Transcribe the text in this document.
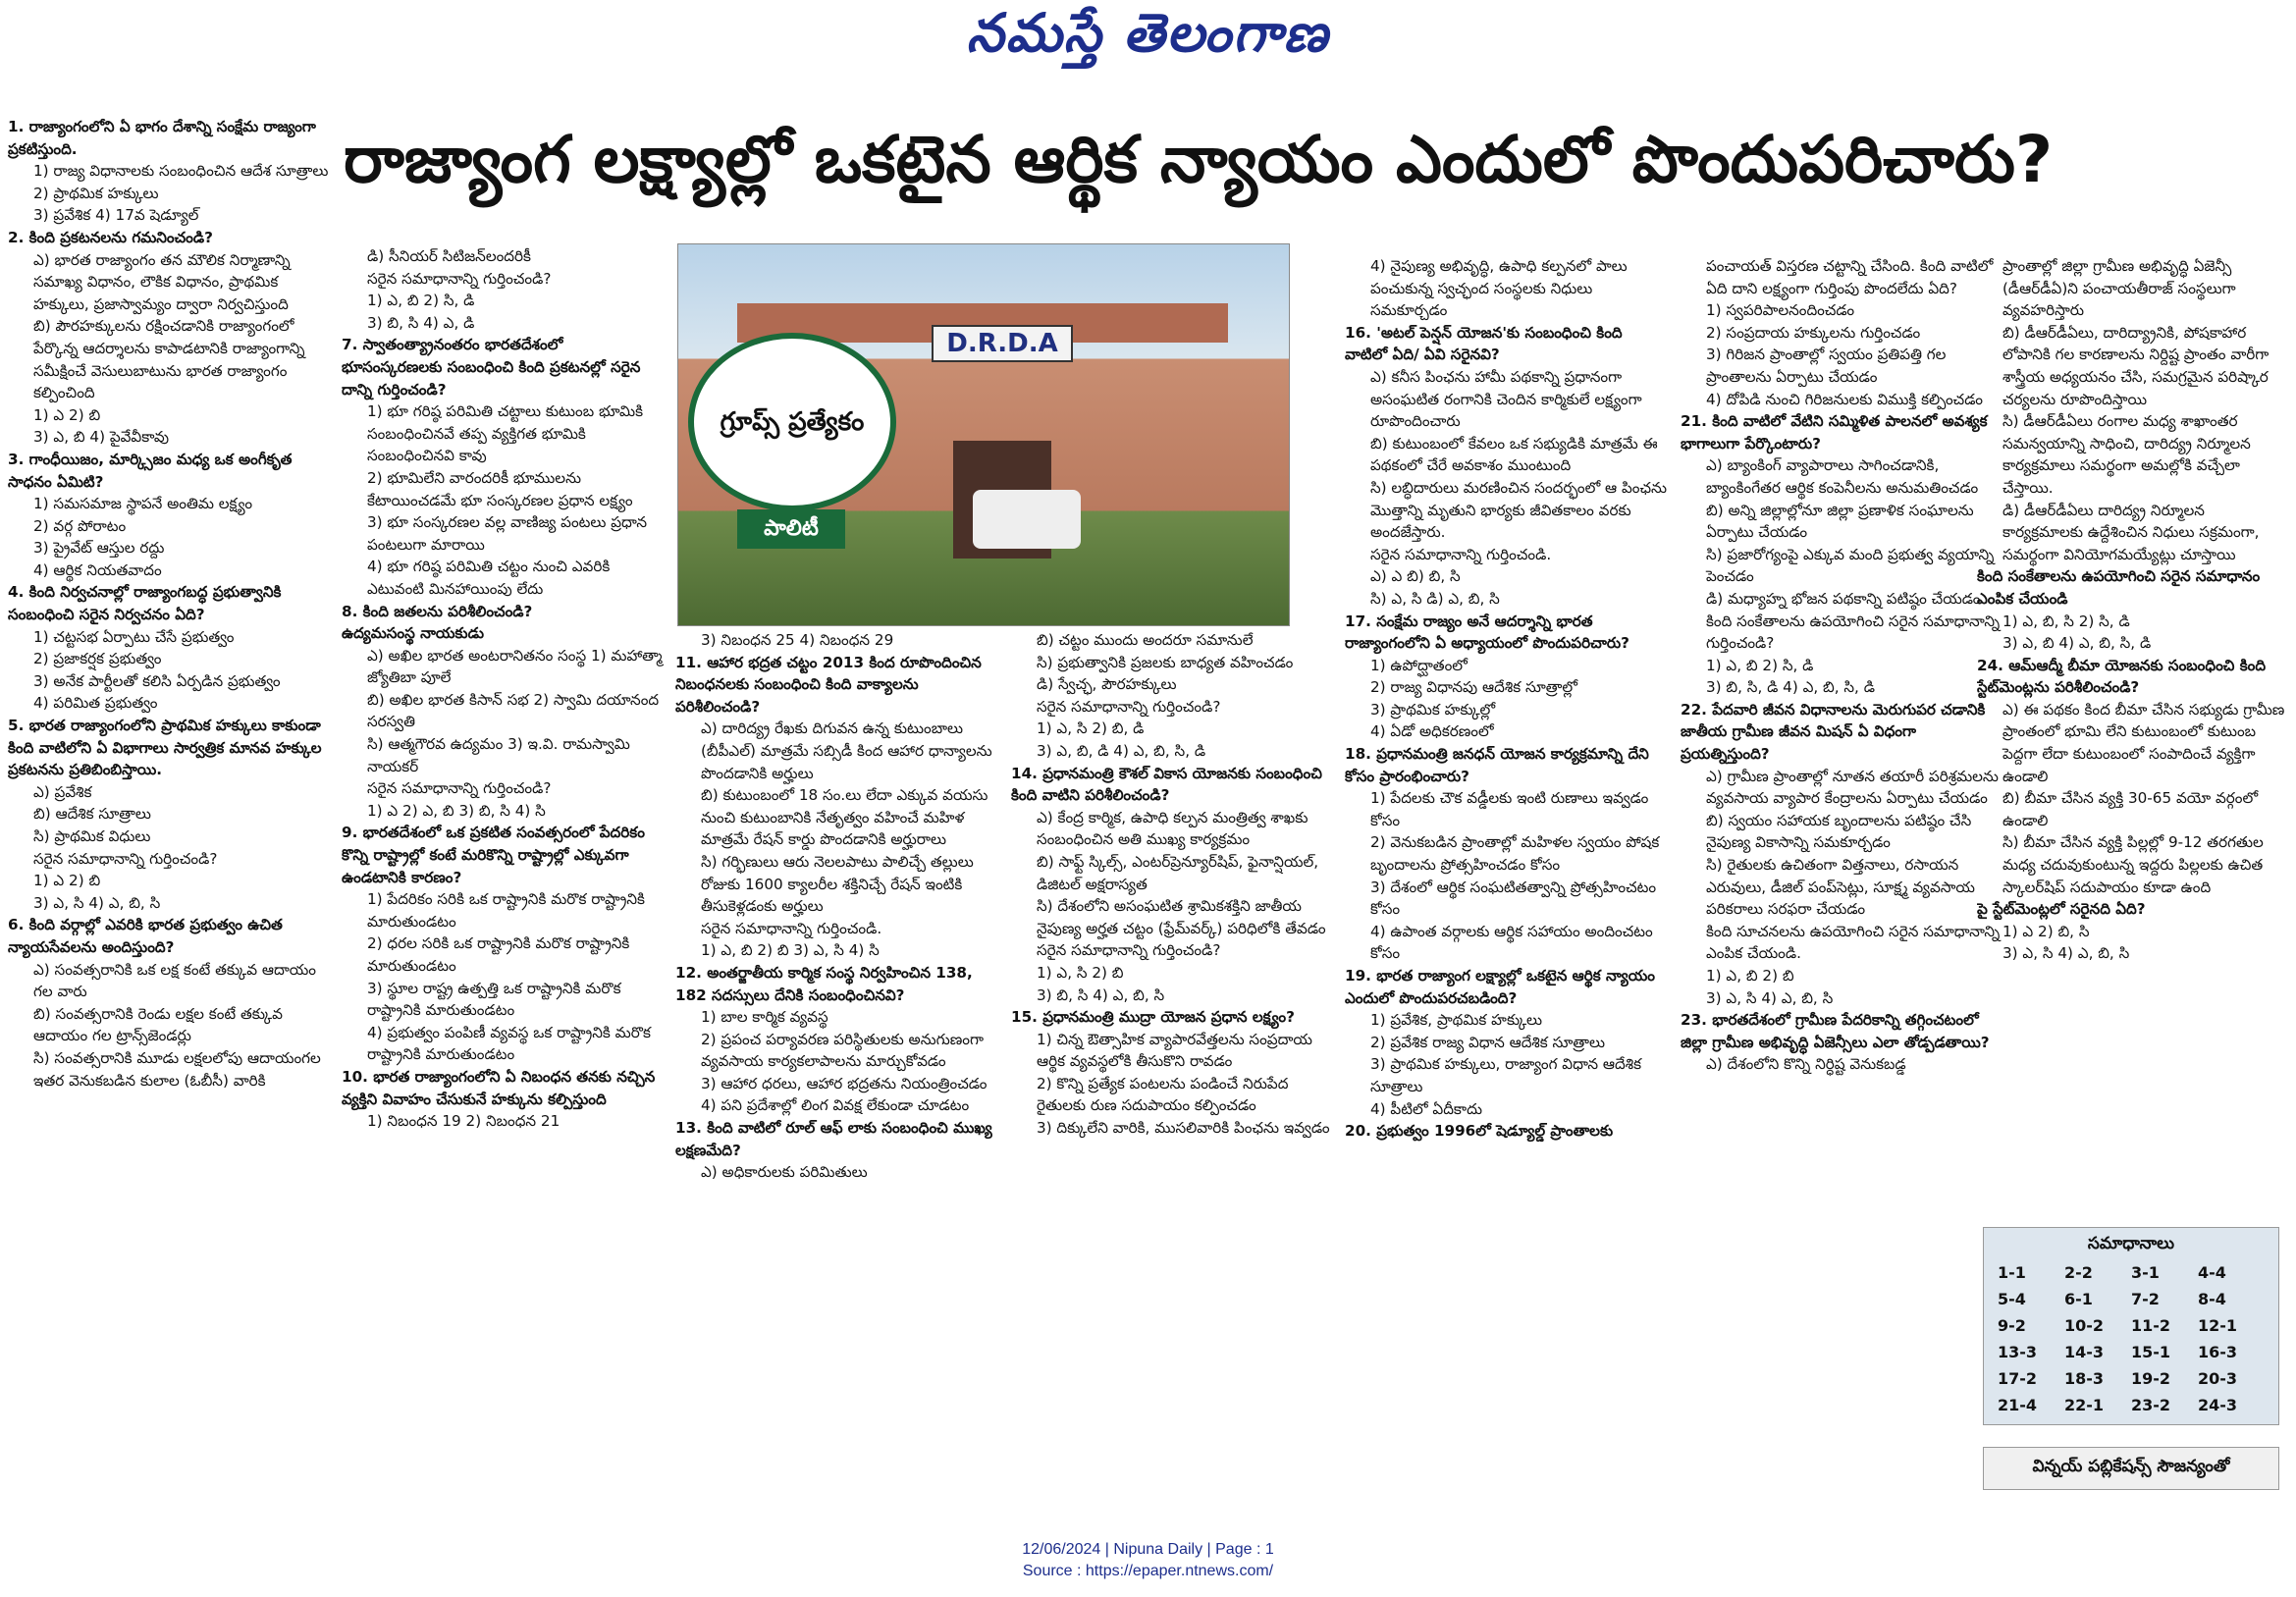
నమస్తే తెలంగాణ
రాజ్యాంగ లక్ష్యాల్లో ఒకటైన ఆర్థిక న్యాయం ఎందులో పొందుపరిచారు?

1. రాజ్యాంగంలోని ఏ భాగం దేశాన్ని సంక్షేమ రాజ్యంగా ప్రకటిస్తుంది.

1) రాజ్య విధానాలకు సంబంధించిన ఆదేశ సూత్రాలు

2) ప్రాథమిక హక్కులు

3) ప్రవేశిక 4) 17వ షెడ్యూల్

2. కింది ప్రకటనలను గమనించండి?

ఎ) భారత రాజ్యాంగం తన మౌలిక నిర్మాణాన్ని సమాఖ్య విధానం, లౌకిక విధానం, ప్రాథమిక హక్కులు, ప్రజాస్వామ్యం ద్వారా నిర్వచిస్తుంది

బి) పౌరహక్కులను రక్షించడానికి రాజ్యాంగంలో పేర్కొన్న ఆదర్శాలను కాపాడటానికి రాజ్యాంగాన్ని సమీక్షించే వెసులుబాటును భారత రాజ్యాంగం కల్పించింది

1) ఎ 2) బి

3) ఎ, బి 4) పైవేవీకావు

3. గాంధీయిజం, మార్క్సిజం మధ్య ఒక అంగీకృత సాధనం ఏమిటి?

1) సమసమాజ స్థాపనే అంతిమ లక్ష్యం

2) వర్గ పోరాటం

3) ప్రైవేట్ ఆస్తుల రద్దు

4) ఆర్థిక నియతవాదం

4. కింది నిర్వచనాల్లో రాజ్యాంగబద్ధ ప్రభుత్వానికి సంబంధించి సరైన నిర్వచనం ఏది?

1) చట్టసభ ఏర్పాటు చేసే ప్రభుత్వం

2) ప్రజాకర్షక ప్రభుత్వం

3) అనేక పార్టీలతో కలిసి ఏర్పడిన ప్రభుత్వం

4) పరిమిత ప్రభుత్వం

5. భారత రాజ్యాంగంలోని ప్రాథమిక హక్కులు కాకుండా కింది వాటిలోని ఏ విభాగాలు సార్వత్రిక మానవ హక్కుల ప్రకటనను ప్రతిబింబిస్తాయి.

ఎ) ప్రవేశిక

బి) ఆదేశిక సూత్రాలు

సి) ప్రాథమిక విధులు

సరైన సమాధానాన్ని గుర్తించండి?

1) ఎ 2) బి

3) ఎ, సి 4) ఎ, బి, సి

6. కింది వర్గాల్లో ఎవరికి భారత ప్రభుత్వం ఉచిత న్యాయసేవలను అందిస్తుంది?

ఎ) సంవత్సరానికి ఒక లక్ష కంటే తక్కువ ఆదాయం గల వారు

బి) సంవత్సరానికి రెండు లక్షల కంటే తక్కువ ఆదాయం గల ట్రాన్స్‌జెండర్లు

సి) సంవత్సరానికి మూడు లక్షలలోపు ఆదాయంగల ఇతర వెనుకబడిన కులాల (ఓబీసీ) వారికి

డి) సీనియర్ సిటిజన్‌లందరికీ

సరైన సమాధానాన్ని గుర్తించండి?

1) ఎ, బి 2) సి, డి

3) బి, సి 4) ఎ, డి

7. స్వాతంత్య్రానంతరం భారతదేశంలో భూసంస్కరణలకు సంబంధించి కింది ప్రకటనల్లో సరైన దాన్ని గుర్తించండి?

1) భూ గరిష్ఠ పరిమితి చట్టాలు కుటుంబ భూమికి సంబంధించినవే తప్ప వ్యక్తిగత భూమికి సంబంధించినవి కావు

2) భూమిలేని వారందరికీ భూములను కేటాయించడమే భూ సంస్కరణల ప్రధాన లక్ష్యం

3) భూ సంస్కరణల వల్ల వాణిజ్య పంటలు ప్రధాన పంటలుగా మారాయి

4) భూ గరిష్ఠ పరిమితి చట్టం నుంచి ఎవరికి ఎటువంటి మినహాయింపు లేదు

8. కింది జతలను పరిశీలించండి?

ఉద్యమసంస్థ నాయకుడు

ఎ) అఖిల భారత అంటరానితనం సంస్థ 1) మహాత్మా జ్యోతిబా పూలే

బి) అఖిల భారత కిసాన్ సభ 2) స్వామి దయానంద సరస్వతి

సి) ఆత్మగౌరవ ఉద్యమం 3) ఇ.వి. రామస్వామి నాయకర్

సరైన సమాధానాన్ని గుర్తించండి?

1) ఎ 2) ఎ, బి 3) బి, సి 4) సి

9. భారతదేశంలో ఒక ప్రకటిత సంవత్సరంలో పేదరికం కొన్ని రాష్ట్రాల్లో కంటే మరికొన్ని రాష్ట్రాల్లో ఎక్కువగా ఉండటానికి కారణం?

1) పేదరికం సరికి ఒక రాష్ట్రానికి మరొక రాష్ట్రానికి మారుతుండటం

2) ధరల సరికి ఒక రాష్ట్రానికి మరొక రాష్ట్రానికి మారుతుండటం

3) స్థూల రాష్ట్ర ఉత్పత్తి ఒక రాష్ట్రానికి మరొక రాష్ట్రానికి మారుతుండటం

4) ప్రభుత్వం పంపిణీ వ్యవస్థ ఒక రాష్ట్రానికి మరొక రాష్ట్రానికి మారుతుండటం

10. భారత రాజ్యాంగంలోని ఏ నిబంధన తనకు నచ్చిన వ్యక్తిని వివాహం చేసుకునే హక్కును కల్పిస్తుంది

1) నిబంధన 19 2) నిబంధన 21

D.R.D.A
గ్రూప్స్ ప్రత్యేకం
పాలిటీ

3) నిబంధన 25 4) నిబంధన 29

11. ఆహార భద్రత చట్టం 2013 కింద రూపొందించిన నిబంధనలకు సంబంధించి కింది వాక్యాలను పరిశీలించండి?

ఎ) దారిద్య్ర రేఖకు దిగువన ఉన్న కుటుంబాలు (బీపీఎల్) మాత్రమే సబ్సిడీ కింద ఆహార ధాన్యాలను పొందడానికి అర్హులు

బి) కుటుంబంలో 18 సం.లు లేదా ఎక్కువ వయసు నుంచి కుటుంబానికి నేతృత్వం వహించే మహిళ మాత్రమే రేషన్ కార్డు పొందడానికి అర్హురాలు

సి) గర్భిణులు ఆరు నెలలపాటు పాలిచ్చే తల్లులు రోజుకు 1600 క్యాలరీల శక్తినిచ్చే రేషన్ ఇంటికి తీసుకెళ్లడంకు అర్హులు

సరైన సమాధానాన్ని గుర్తించండి.

1) ఎ, బి 2) బి 3) ఎ, సి 4) సి

12. అంతర్జాతీయ కార్మిక సంస్థ నిర్వహించిన 138, 182 సదస్సులు దేనికి సంబంధించినవి?

1) బాల కార్మిక వ్యవస్థ

2) ప్రపంచ పర్యావరణ పరిస్థితులకు అనుగుణంగా వ్యవసాయ కార్యకలాపాలను మార్చుకోవడం

3) ఆహార ధరలు, ఆహార భద్రతను నియంత్రించడం

4) పని ప్రదేశాల్లో లింగ వివక్ష లేకుండా చూడటం

13. కింది వాటిలో రూల్ ఆఫ్ లాకు సంబంధించి ముఖ్య లక్షణమేది?

ఎ) అధికారులకు పరిమితులు

బి) చట్టం ముందు అందరూ సమానులే

సి) ప్రభుత్వానికి ప్రజలకు బాధ్యత వహించడం

డి) స్వేచ్ఛ, పౌరహక్కులు

సరైన సమాధానాన్ని గుర్తించండి?

1) ఎ, సి 2) బి, డి

3) ఎ, బి, డి 4) ఎ, బి, సి, డి

14. ప్రధానమంత్రి కౌశల్ వికాస యోజనకు సంబంధించి కింది వాటిని పరిశీలించండి?

ఎ) కేంద్ర కార్మిక, ఉపాధి కల్పన మంత్రిత్వ శాఖకు సంబంధించిన అతి ముఖ్య కార్యక్రమం

బి) సాఫ్ట్ స్కిల్స్, ఎంటర్‌ప్రెన్యూర్‌షిప్, ఫైనాన్షియల్, డిజిటల్ అక్షరాస్యత

సి) దేశంలోని అసంఘటిత శ్రామికశక్తిని జాతీయ నైపుణ్య అర్హత చట్టం (ఫ్రేమ్‌వర్క్) పరిధిలోకి తేవడం

సరైన సమాధానాన్ని గుర్తించండి?

1) ఎ, సి 2) బి

3) బి, సి 4) ఎ, బి, సి

15. ప్రధానమంత్రి ముద్రా యోజన ప్రధాన లక్ష్యం?

1) చిన్న ఔత్సాహిక వ్యాపారవేత్తలను సంప్రదాయ ఆర్థిక వ్యవస్థలోకి తీసుకొని రావడం

2) కొన్ని ప్రత్యేక పంటలను పండించే నిరుపేద రైతులకు రుణ సదుపాయం కల్పించడం

3) దిక్కులేని వారికి, ముసలివారికి పింఛను ఇవ్వడం

4) నైపుణ్య అభివృద్ధి, ఉపాధి కల్పనలో పాలు పంచుకున్న స్వచ్ఛంద సంస్థలకు నిధులు సమకూర్చడం

16. 'అటల్ పెన్షన్ యోజన'కు సంబంధించి కింది వాటిలో ఏది/ ఏవి సరైనవి?

ఎ) కనీస పింఛను హామీ పథకాన్ని ప్రధానంగా అసంఘటిత రంగానికి చెందిన కార్మికులే లక్ష్యంగా రూపొందించారు

బి) కుటుంబంలో కేవలం ఒక సభ్యుడికి మాత్రమే ఈ పథకంలో చేరే అవకాశం ముంటుంది

సి) లబ్ధిదారులు మరణించిన సందర్భంలో ఆ పింఛను మొత్తాన్ని మృతుని భార్యకు జీవితకాలం వరకు అందజేస్తారు.

సరైన సమాధానాన్ని గుర్తించండి.

ఎ) ఎ బి) బి, సి

సి) ఎ, సి డి) ఎ, బి, సి

17. సంక్షేమ రాజ్యం అనే ఆదర్శాన్ని భారత రాజ్యాంగంలోని ఏ అధ్యాయంలో పొందుపరిచారు?

1) ఉపోద్ఘాతంలో

2) రాజ్య విధానపు ఆదేశిక సూత్రాల్లో

3) ప్రాథమిక హక్కుల్లో

4) ఏడో అధికరణంలో

18. ప్రధానమంత్రి జనధన్ యోజన కార్యక్రమాన్ని దేని కోసం ప్రారంభించారు?

1) పేదలకు చౌక వడ్డీలకు ఇంటి రుణాలు ఇవ్వడం కోసం

2) వెనుకబడిన ప్రాంతాల్లో మహిళల స్వయం పోషక బృందాలను ప్రోత్సహించడం కోసం

3) దేశంలో ఆర్థిక సంఘటితత్వాన్ని ప్రోత్సహించటం కోసం

4) ఉపాంత వర్గాలకు ఆర్థిక సహాయం అందించటం కోసం

19. భారత రాజ్యాంగ లక్ష్యాల్లో ఒకటైన ఆర్థిక న్యాయం ఎందులో పొందుపరచబడింది?

1) ప్రవేశిక, ప్రాథమిక హక్కులు

2) ప్రవేశిక రాజ్య విధాన ఆదేశిక సూత్రాలు

3) ప్రాథమిక హక్కులు, రాజ్యాంగ విధాన ఆదేశిక సూత్రాలు

4) పీటిలో ఏదీకాదు

20. ప్రభుత్వం 1996లో షెడ్యూల్డ్ ప్రాంతాలకు

పంచాయత్ విస్తరణ చట్టాన్ని చేసింది. కింది వాటిలో ఏది దాని లక్ష్యంగా గుర్తింపు పొందలేదు ఏది?

1) స్వపరిపాలనందించడం

2) సంప్రదాయ హక్కులను గుర్తించడం

3) గిరిజన ప్రాంతాల్లో స్వయం ప్రతిపత్తి గల ప్రాంతాలను ఏర్పాటు చేయడం

4) దోపిడి నుంచి గిరిజనులకు విముక్తి కల్పించడం

21. కింది వాటిలో వేటిని సమ్మిళిత పాలనలో అవశ్యక భాగాలుగా పేర్కొంటారు?

ఎ) బ్యాంకింగ్ వ్యాపారాలు సాగించడానికి, బ్యాంకింగేతర ఆర్థిక కంపెనీలను అనుమతించడం

బి) అన్ని జిల్లాల్లోనూ జిల్లా ప్రణాళిక సంఘాలను ఏర్పాటు చేయడం

సి) ప్రజారోగ్యంపై ఎక్కువ మంది ప్రభుత్వ వ్యయాన్ని పెంచడం

డి) మధ్యాహ్న భోజన పథకాన్ని పటిష్ఠం చేయడం

కింది సంకేతాలను ఉపయోగించి సరైన సమాధానాన్ని గుర్తించండి?

1) ఎ, బి 2) సి, డి

3) బి, సి, డి 4) ఎ, బి, సి, డి

22. పేదవారి జీవన విధానాలను మెరుగుపర చడానికి జాతీయ గ్రామీణ జీవన మిషన్ ఏ విధంగా ప్రయత్నిస్తుంది?

ఎ) గ్రామీణ ప్రాంతాల్లో నూతన తయారీ పరిశ్రమలను వ్యవసాయ వ్యాపార కేంద్రాలను ఏర్పాటు చేయడం

బి) స్వయం సహాయక బృందాలను పటిష్ఠం చేసి నైపుణ్య వికాసాన్ని సమకూర్చడం

సి) రైతులకు ఉచితంగా విత్తనాలు, రసాయన ఎరువులు, డీజిల్ పంప్‌సెట్లు, సూక్ష్మ వ్యవసాయ పరికరాలు సరఫరా చేయడం

కింది సూచనలను ఉపయోగించి సరైన సమాధానాన్ని ఎంపిక చేయండి.

1) ఎ, బి 2) బి

3) ఎ, సి 4) ఎ, బి, సి

23. భారతదేశంలో గ్రామీణ పేదరికాన్ని తగ్గించటంలో జిల్లా గ్రామీణ అభివృద్ధి ఏజెన్సీలు ఎలా తోడ్పడతాయి?

ఎ) దేశంలోని కొన్ని నిర్ధిష్ట వెనుకబడ్డ

ప్రాంతాల్లో జిల్లా గ్రామీణ అభివృద్ధి ఏజెన్సీ (డీఆర్‌డీఏ)ని పంచాయతీరాజ్ సంస్థలుగా వ్యవహరిస్తారు

బి) డీఆర్‌డీఏలు, దారిద్య్రానికి, పోషకాహార లోపానికి గల కారణాలను నిర్దిష్ట ప్రాంతం వారీగా శాస్త్రీయ అధ్యయనం చేసి, సమగ్రమైన పరిష్కార చర్యలను రూపొందిస్తాయి

సి) డీఆర్‌డీఏలు రంగాల మధ్య శాఖాంతర సమన్వయాన్ని సాధించి, దారిద్య్ర నిర్మూలన కార్యక్రమాలు సమర్థంగా అమల్లోకి వచ్చేలా చేస్తాయి.

డి) డీఆర్‌డీఏలు దారిద్య్ర నిర్మూలన కార్యక్రమాలకు ఉద్దేశించిన నిధులు సక్రమంగా, సమర్థంగా వినియోగమయ్యేట్లు చూస్తాయి

కింది సంకేతాలను ఉపయోగించి సరైన సమాధానం ఎంపిక చేయండి

1) ఎ, బి, సి 2) సి, డి

3) ఎ, బి 4) ఎ, బి, సి, డి

24. ఆమ్‌ఆద్మీ బీమా యోజనకు సంబంధించి కింది స్టేట్‌మెంట్లను పరిశీలించండి?

ఎ) ఈ పథకం కింద బీమా చేసిన సభ్యుడు గ్రామీణ ప్రాంతంలో భూమి లేని కుటుంబంలో కుటుంబ పెద్దగా లేదా కుటుంబంలో సంపాదించే వ్యక్తిగా ఉండాలి

బి) బీమా చేసిన వ్యక్తి 30-65 వయో వర్గంలో ఉండాలి

సి) బీమా చేసిన వ్యక్తి పిల్లల్లో 9-12 తరగతుల మధ్య చదువుకుంటున్న ఇద్దరు పిల్లలకు ఉచిత స్కాలర్‌షిప్ సదుపాయం కూడా ఉంది

పై స్టేట్‌మెంట్లలో సరైనది ఏది?

1) ఎ 2) బి, సి

3) ఎ, సి 4) ఎ, బి, సి

సమాధానాలు
1-1	2-2	3-1	4-4
5-4	6-1	7-2	8-4
9-2	10-2	11-2	12-1
13-3	14-3	15-1	16-3
17-2	18-3	19-2	20-3
21-4	22-1	23-2	24-3
విన్నయ్ పబ్లికేషన్స్ సౌజన్యంతో
12/06/2024 | Nipuna Daily | Page : 1
Source : https://epaper.ntnews.com/
